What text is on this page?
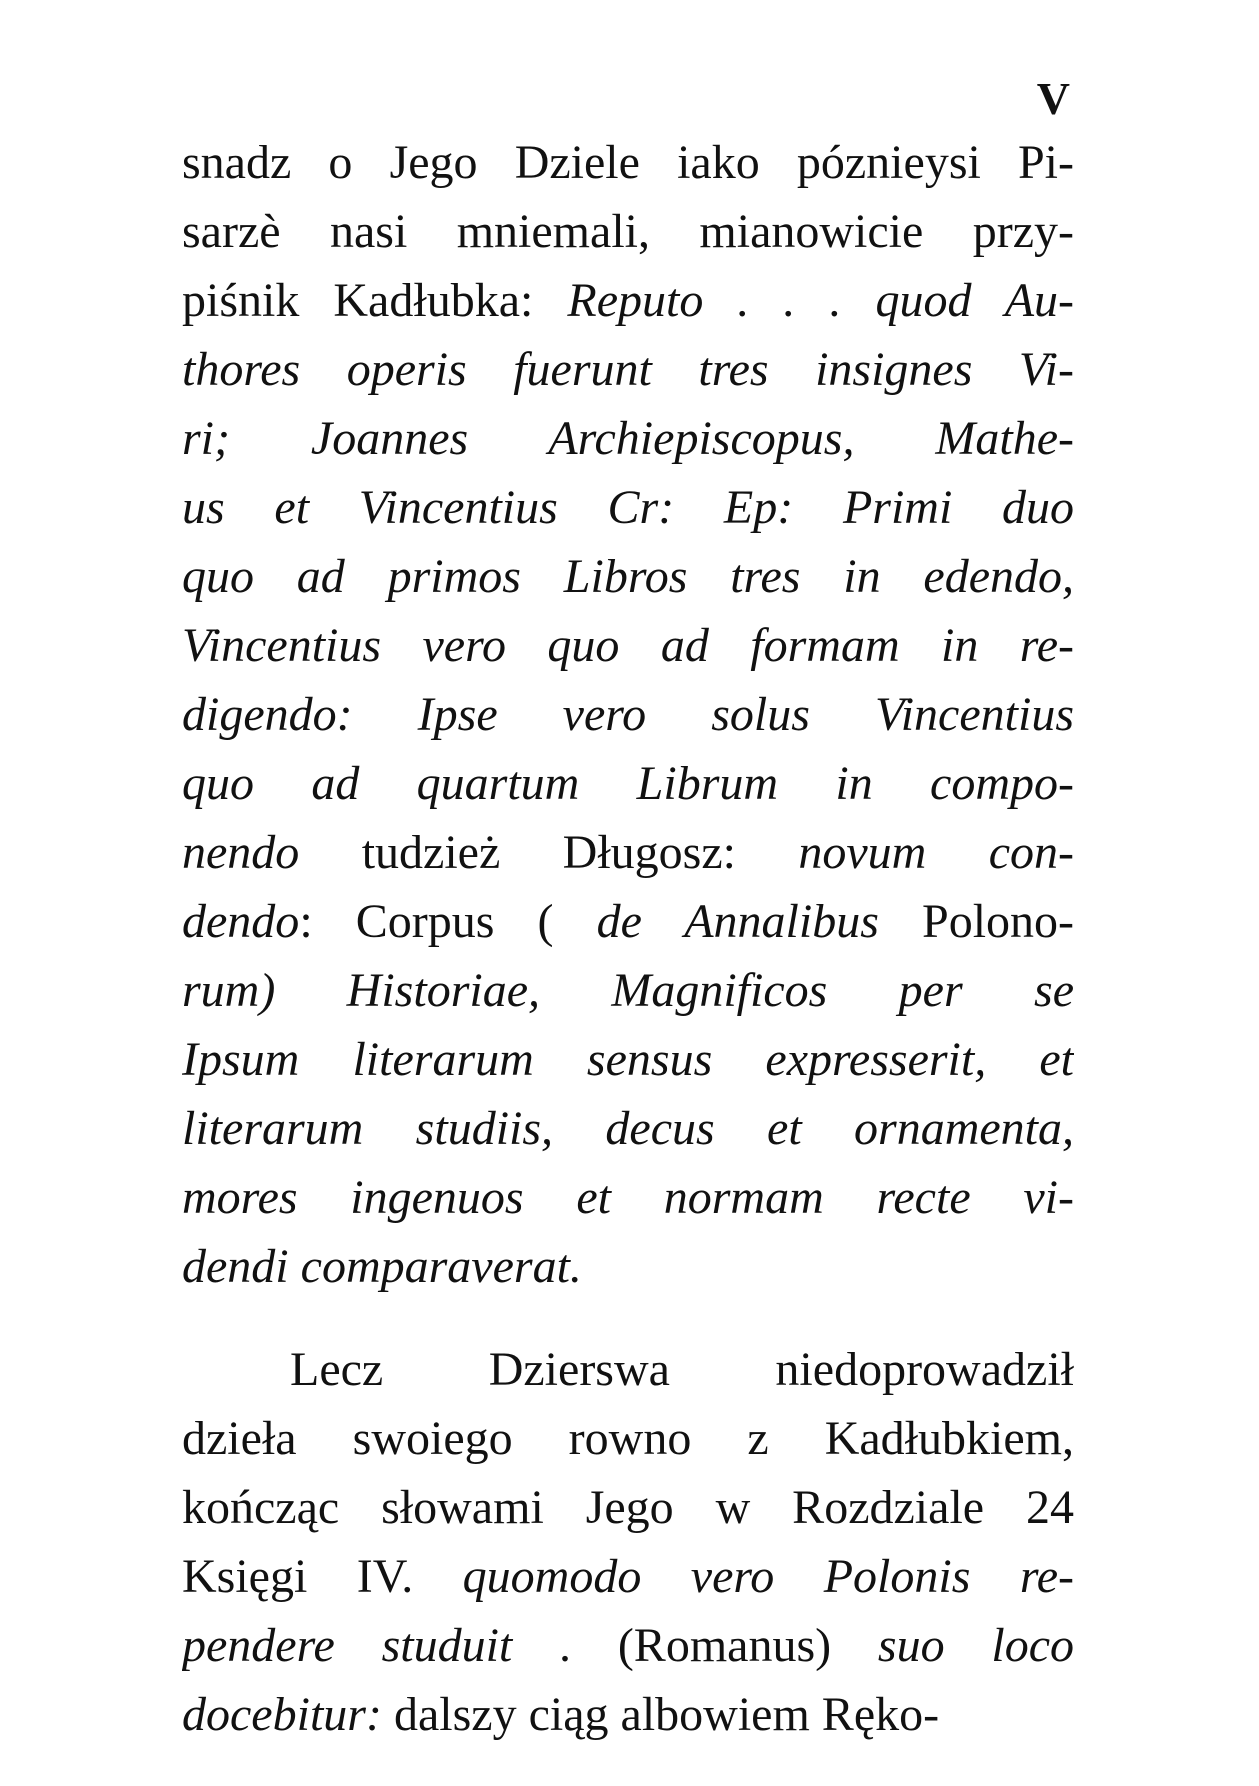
V
snadz o Jego Dziele iako póznieysi Pi-
sarzè nasi mniemali, mianowicie przy-
piśnik Kadłubka: Reputo . . . quod Au-
thores operis fuerunt tres insignes Vi-
ri; Joannes Archiepiscopus, Mathe-
us et Vincentius Cr: Ep: Primi duo
quo ad primos Libros tres in edendo,
Vincentius vero quo ad formam in re-
digendo: Ipse vero solus Vincentius
quo ad quartum Librum in compo-
nendo tudzież Długosz: novum con-
dendo: Corpus ( de Annalibus Polono-
rum) Historiae, Magnificos per se
Ipsum literarum sensus expresserit, et
literarum studiis, decus et ornamenta,
mores ingenuos et normam recte vi-
dendi comparaverat.
Lecz Dzierswa niedoprowadził
dzieła swoiego rowno z Kadłubkiem,
kończąc słowami Jego w Rozdziale 24
Księgi IV. quomodo vero Polonis re-
pendere studuit . (Romanus) suo loco
docebitur: dalszy ciąg albowiem Ręko-
